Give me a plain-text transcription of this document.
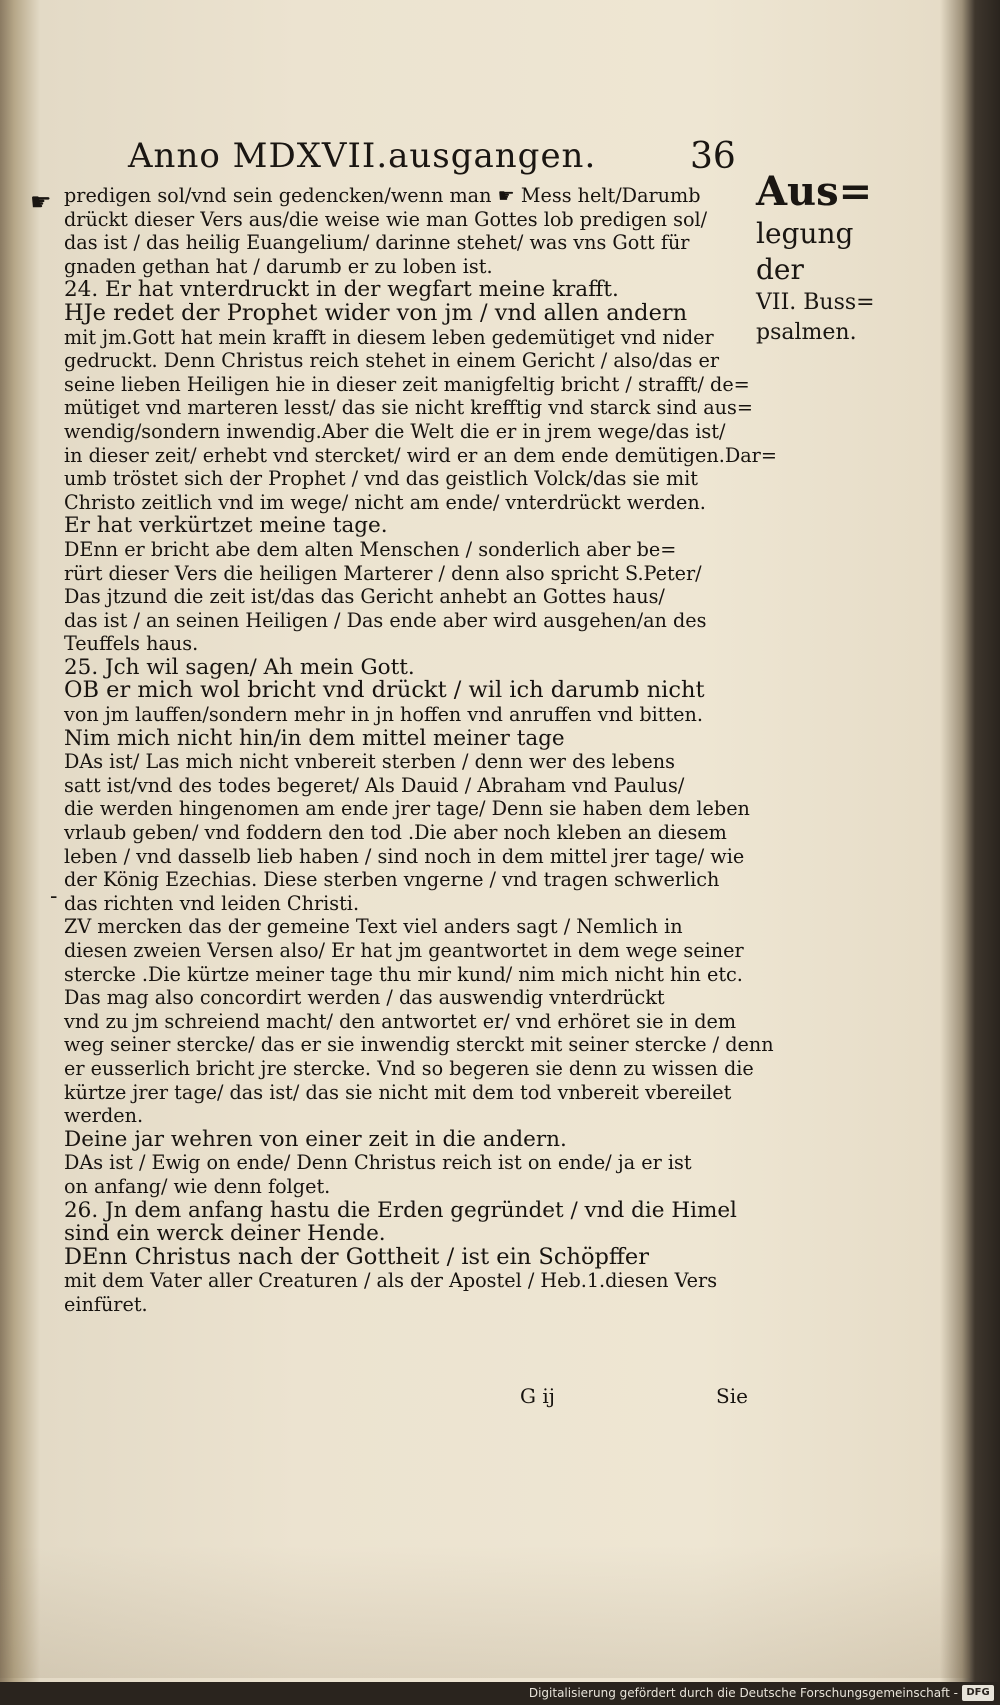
Anno MDXVII.ausgangen.	36
Aus=
legung der
VII. Buss=
psalmen.
☛
-
predigen sol/vnd sein gedencken/wenn man ☛ Mess helt/Darumb
drückt dieser Vers aus/die weise wie man Gottes lob predigen sol/
das ist / das heilig Euangelium/ darinne stehet/ was vns Gott für
gnaden gethan hat / darumb er zu loben ist.
24. Er hat vnterdruckt in der wegfart meine krafft.
HJe redet der Prophet wider von jm / vnd allen andern
mit jm.Gott hat mein krafft in diesem leben gedemütiget vnd nider
gedruckt. Denn Christus reich stehet in einem Gericht / also/das er
seine lieben Heiligen hie in dieser zeit manigfeltig bricht / strafft/ de=
mütiget vnd marteren lesst/ das sie nicht krefftig vnd starck sind aus=
wendig/sondern inwendig.Aber die Welt die er in jrem wege/das ist/
in dieser zeit/ erhebt vnd stercket/ wird er an dem ende demütigen.Dar=
umb tröstet sich der Prophet / vnd das geistlich Volck/das sie mit
Christo zeitlich vnd im wege/ nicht am ende/ vnterdrückt werden.
Er hat verkürtzet meine tage.
DEnn er bricht abe dem alten Menschen / sonderlich aber be=
rürt dieser Vers die heiligen Marterer / denn also spricht S.Peter/
Das jtzund die zeit ist/das das Gericht anhebt an Gottes haus/
das ist / an seinen Heiligen / Das ende aber wird ausgehen/an des
Teuffels haus.
25. Jch wil sagen/ Ah mein Gott.
OB er mich wol bricht vnd drückt / wil ich darumb nicht
von jm lauffen/sondern mehr in jn hoffen vnd anruffen vnd bitten.
Nim mich nicht hin/in dem mittel meiner tage
DAs ist/ Las mich nicht vnbereit sterben / denn wer des lebens
satt ist/vnd des todes begeret/ Als Dauid / Abraham vnd Paulus/
die werden hingenomen am ende jrer tage/ Denn sie haben dem leben
vrlaub geben/ vnd foddern den tod .Die aber noch kleben an diesem
leben / vnd dasselb lieb haben / sind noch in dem mittel jrer tage/ wie
der König Ezechias. Diese sterben vngerne / vnd tragen schwerlich
das richten vnd leiden Christi.
ZV mercken das der gemeine Text viel anders sagt / Nemlich in
diesen zweien Versen also/ Er hat jm geantwortet in dem wege seiner
stercke .Die kürtze meiner tage thu mir kund/ nim mich nicht hin etc.
Das mag also concordirt werden / das auswendig vnterdrückt
vnd zu jm schreiend macht/ den antwortet er/ vnd erhöret sie in dem
weg seiner stercke/ das er sie inwendig sterckt mit seiner stercke / denn
er eusserlich bricht jre stercke. Vnd so begeren sie denn zu wissen die
kürtze jrer tage/ das ist/ das sie nicht mit dem tod vnbereit vbereilet
werden.
Deine jar wehren von einer zeit in die andern.
DAs ist / Ewig on ende/ Denn Christus reich ist on ende/ ja er ist
on anfang/ wie denn folget.
26. Jn dem anfang hastu die Erden gegründet / vnd die Himel
sind ein werck deiner Hende.
DEnn Christus nach der Gottheit / ist ein Schöpffer
mit dem Vater aller Creaturen / als der Apostel / Heb.1.diesen Vers
einfüret.
G ij	Sie
Digitalisierung gefördert durch die Deutsche Forschungsgemeinschaft - DFG
